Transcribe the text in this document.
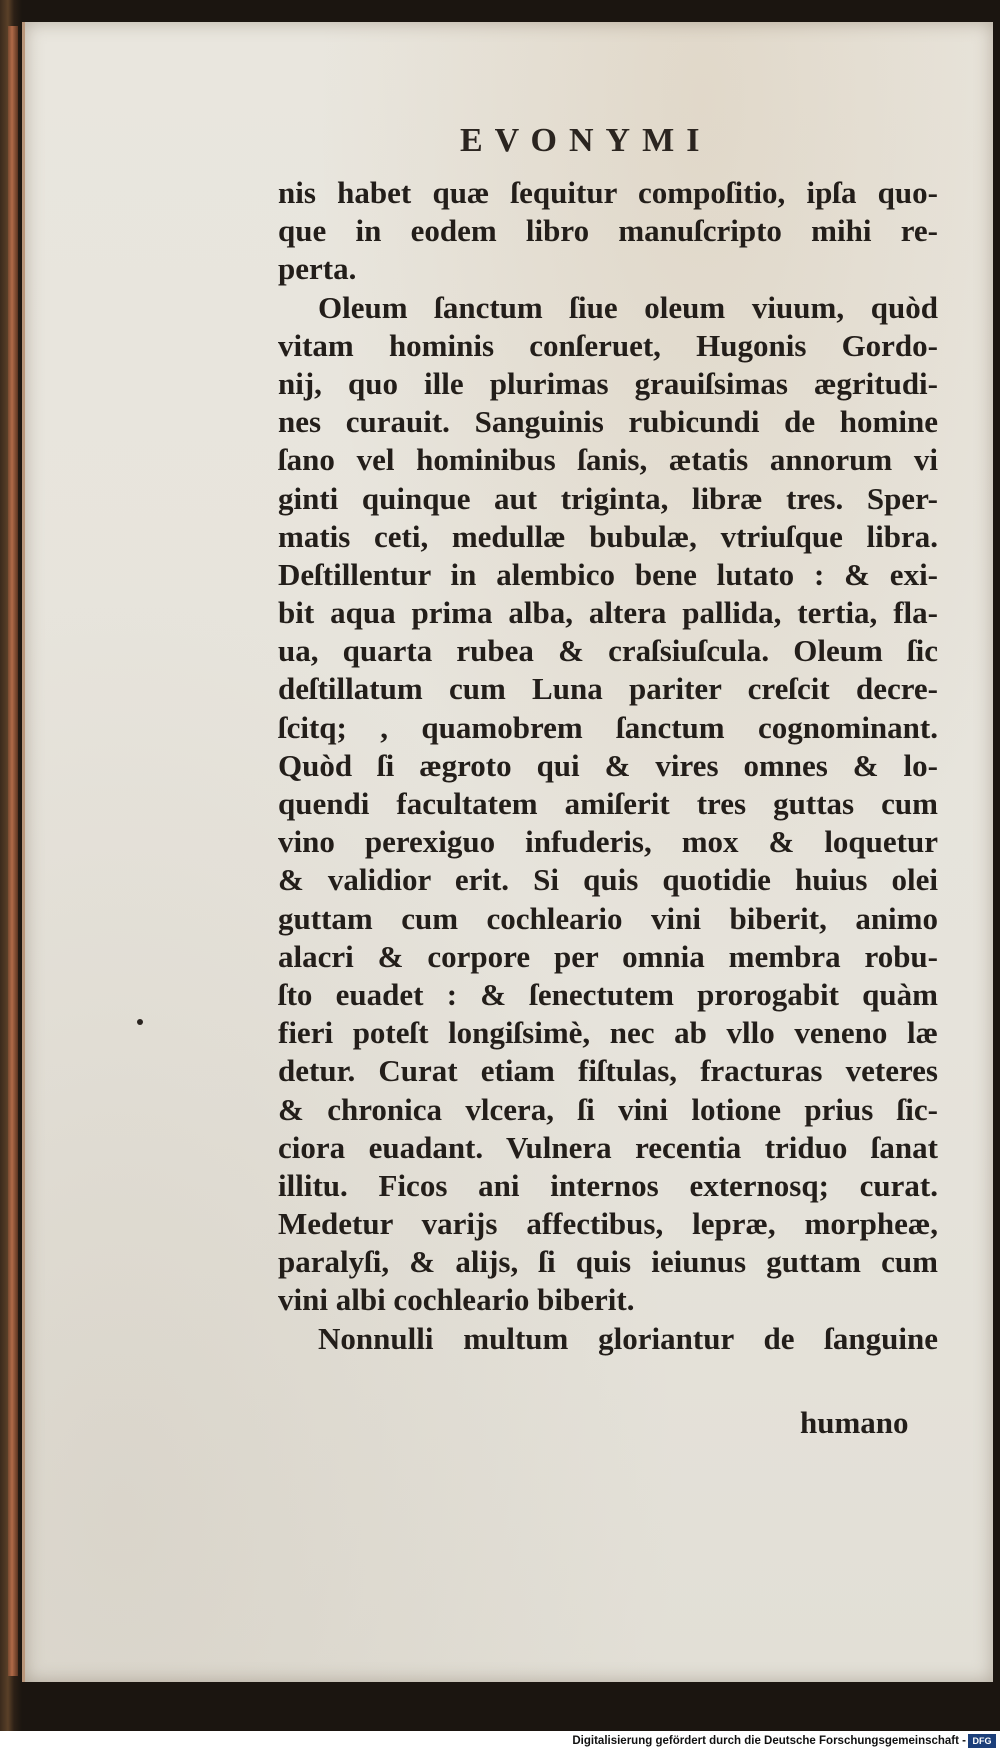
EVONYMI
nis habet quæ ſequitur compoſitio, ipſa quo-
que in eodem libro manuſcripto mihi re-
perta.
Oleum ſanctum ſiue oleum viuum, quòd
vitam hominis conſeruet, Hugonis Gordo-
nij, quo ille plurimas grauiſsimas ægritudi-
nes curauit. Sanguinis rubicundi de homine
ſano vel hominibus ſanis, ætatis annorum vi
ginti quinque aut triginta, libræ tres. Sper-
matis ceti, medullæ bubulæ, vtriuſque libra.
Deſtillentur in alembico bene lutato : & exi-
bit aqua prima alba, altera pallida, tertia, fla-
ua, quarta rubea & craſsiuſcula. Oleum ſic
deſtillatum cum Luna pariter creſcit decre-
ſcitq; , quamobrem ſanctum cognominant.
Quòd ſi ægroto qui & vires omnes & lo-
quendi facultatem amiſerit tres guttas cum
vino perexiguo infuderis, mox & loquetur
& validior erit. Si quis quotidie huius olei
guttam cum cochleario vini biberit, animo
alacri & corpore per omnia membra robu-
ſto euadet : & ſenectutem prorogabit quàm
fieri poteſt longiſsimè, nec ab vllo veneno læ
detur. Curat etiam fiſtulas, fracturas veteres
& chronica vlcera, ſi vini lotione prius ſic-
ciora euadant. Vulnera recentia triduo ſanat
illitu. Ficos ani internos externosq; curat.
Medetur varijs affectibus, lepræ, morpheæ,
paralyſi, & alijs, ſi quis ieiunus guttam cum
vini albi cochleario biberit.
Nonnulli multum gloriantur de ſanguine
humano
Digitalisierung gefördert durch die Deutsche Forschungsgemeinschaft - DFG
